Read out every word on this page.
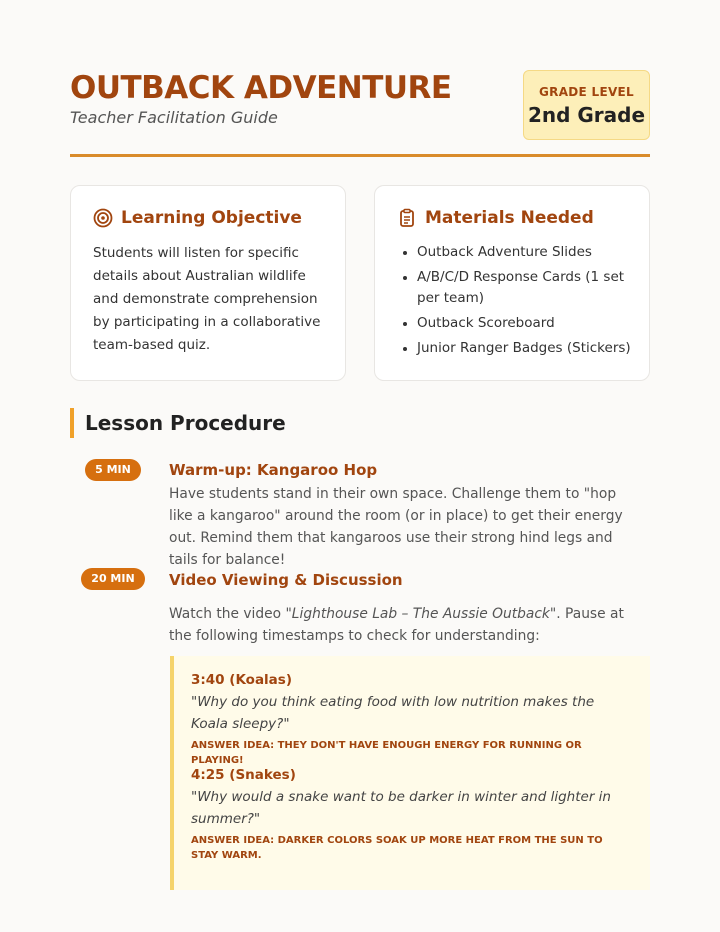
OUTBACK ADVENTURE
Teacher Facilitation Guide
GRADE LEVEL
2nd Grade
Learning Objective
Students will listen for specific details about Australian wildlife and demonstrate comprehension by participating in a collaborative team-based quiz.
Materials Needed
Outback Adventure Slides
A/B/C/D Response Cards (1 set per team)
Outback Scoreboard
Junior Ranger Badges (Stickers)
Lesson Procedure
5 MIN	Warm-up: Kangaroo Hop
Have students stand in their own space. Challenge them to "hop like a kangaroo" around the room (or in place) to get their energy out. Remind them that kangaroos use their strong hind legs and tails for balance!
20 MIN	Video Viewing & Discussion
Watch the video "Lighthouse Lab – The Aussie Outback". Pause at the following timestamps to check for understanding:
3:40 (Koalas)
"Why do you think eating food with low nutrition makes the Koala sleepy?"
ANSWER IDEA: THEY DON'T HAVE ENOUGH ENERGY FOR RUNNING OR PLAYING!
4:25 (Snakes)
"Why would a snake want to be darker in winter and lighter in summer?"
ANSWER IDEA: DARKER COLORS SOAK UP MORE HEAT FROM THE SUN TO STAY WARM.
